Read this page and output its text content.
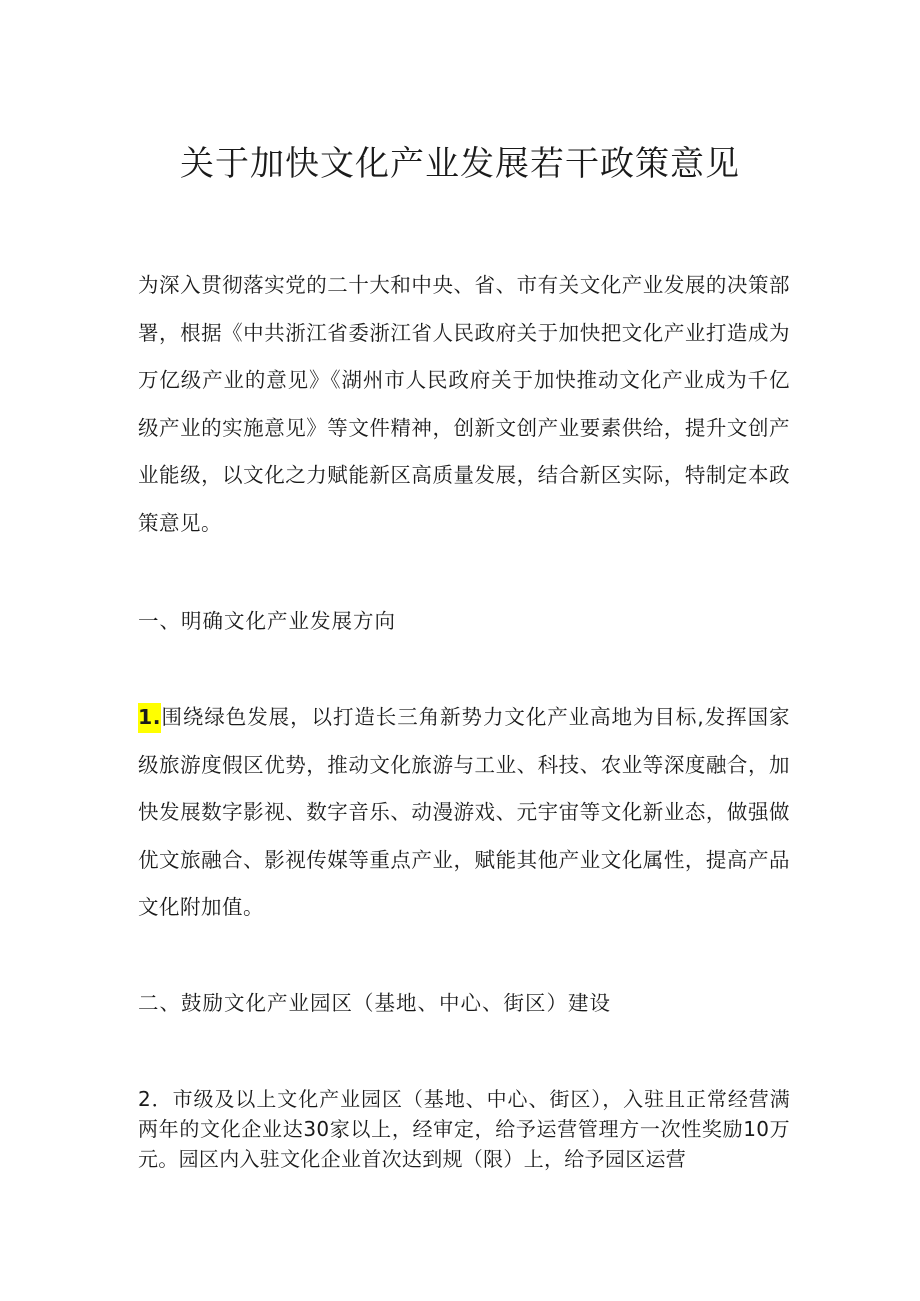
关于加快文化产业发展若干政策意见

为深入贯彻落实党的二十大和中央、省、市有关文化产业发展的决策部署，根据《中共浙江省委浙江省人民政府关于加快把文化产业打造成为万亿级产业的意见》《湖州市人民政府关于加快推动文化产业成为千亿级产业的实施意见》等文件精神，创新文创产业要素供给，提升文创产业能级，以文化之力赋能新区高质量发展，结合新区实际，特制定本政策意见。

一、明确文化产业发展方向

1.围绕绿色发展，以打造长三角新势力文化产业高地为目标,发挥国家级旅游度假区优势，推动文化旅游与工业、科技、农业等深度融合，加快发展数字影视、数字音乐、动漫游戏、元宇宙等文化新业态，做强做优文旅融合、影视传媒等重点产业，赋能其他产业文化属性，提高产品文化附加值。

二、鼓励文化产业园区（基地、中心、街区）建设

2．市级及以上文化产业园区（基地、中心、街区），入驻且正常经营满两年的文化企业达30家以上，经审定，给予运营管理方一次性奖励10万元。园区内入驻文化企业首次达到规（限）上，给予园区运营
